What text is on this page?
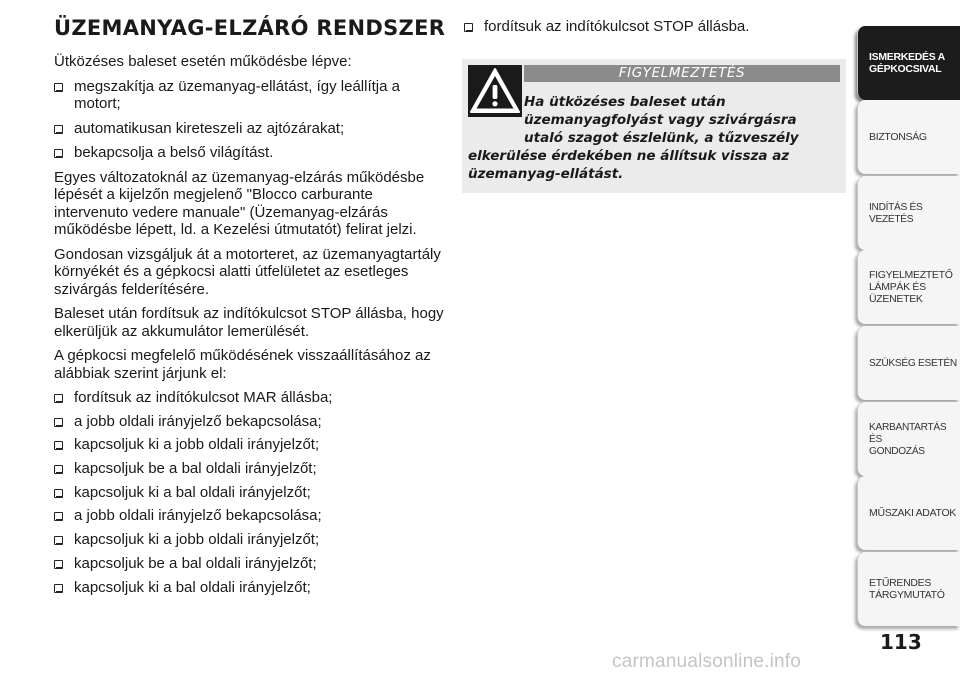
ÜZEMANYAG-ELZÁRÓ RENDSZER

Ütközéses baleset esetén működésbe lépve:

megszakítja az üzemanyag-ellátást, így leállítja a motort;
automatikusan kireteszeli az ajtózárakat;
bekapcsolja a belső világítást.

Egyes változatoknál az üzemanyag-elzárás működésbe lépését a kijelzőn megjelenő "Blocco carburante intervenuto vedere manuale" (Üzemanyag-elzárás működésbe lépett, ld. a Kezelési útmutatót) felirat jelzi.

Gondosan vizsgáljuk át a motorteret, az üzemanyagtartály környékét és a gépkocsi alatti útfelületet az esetleges szivárgás felderítésére.

Baleset után fordítsuk az indítókulcsot STOP állásba, hogy elkerüljük az akkumulátor lemerülését.

A gépkocsi megfelelő működésének visszaállításához az alábbiak szerint járjunk el:

fordítsuk az indítókulcsot MAR állásba;
a jobb oldali irányjelző bekapcsolása;
kapcsoljuk ki a jobb oldali irányjelzőt;
kapcsoljuk be a bal oldali irányjelzőt;
kapcsoljuk ki a bal oldali irányjelzőt;
a jobb oldali irányjelző bekapcsolása;
kapcsoljuk ki a jobb oldali irányjelzőt;
kapcsoljuk be a bal oldali irányjelzőt;
kapcsoljuk ki a bal oldali irányjelzőt;
fordítsuk az indítókulcsot STOP állásba.
FIGYELMEZTETÉS
Ha ütközéses baleset után üzemanyagfolyást vagy szivárgásra utaló szagot észlelünk, a tűzveszély elkerülése érdekében ne állítsuk vissza az üzemanyag-ellátást.
ISMERKEDÉS A
GÉPKOCSIVAL
BIZTONSÁG
INDÍTÁS ÉS VEZETÉS
FIGYELMEZTETŐ
LÁMPÁK ÉS
ÜZENETEK
SZÜKSÉG ESETÉN
KARBANTARTÁS ÉS
GONDOZÁS
MŰSZAKI ADATOK
ETŰRENDES
TÁRGYMUTATÓ
113
carmanualsonline.info
